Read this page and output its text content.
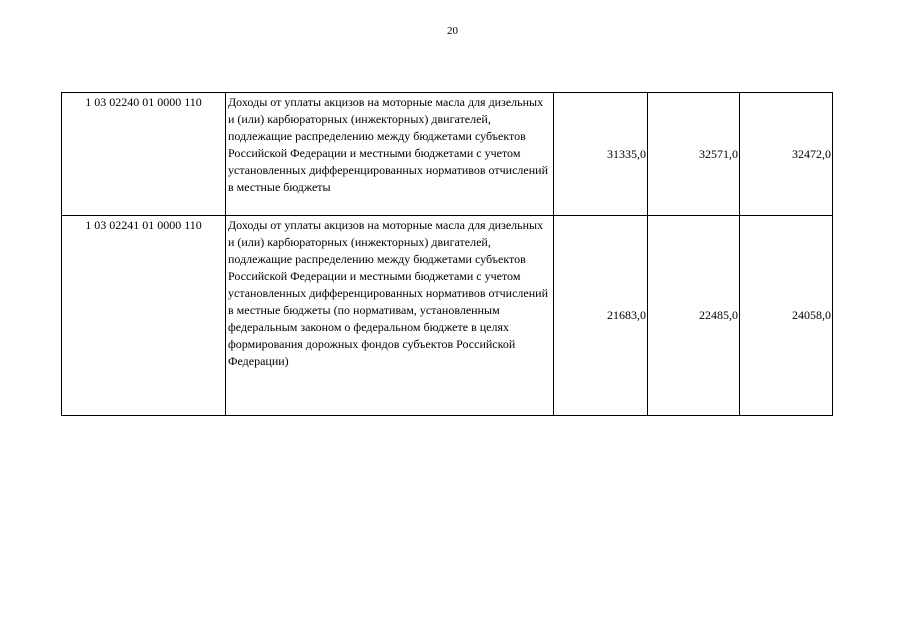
20
1 03 02240 01 0000 110	Доходы от уплаты акцизов на моторные масла для дизельных и (или) карбюраторных (инжекторных) двигателей, подлежащие распределению между бюджетами субъектов Российской Федерации и местными бюджетами с учетом установленных дифференцированных нормативов отчислений в местные бюджеты	31335,0	32571,0	32472,0
1 03 02241 01 0000 110	Доходы от уплаты акцизов на моторные масла для дизельных и (или) карбюраторных (инжекторных) двигателей, подлежащие распределению между бюджетами субъектов Российской Федерации и местными бюджетами с учетом установленных дифференцированных нормативов отчислений в местные бюджеты (по нормативам, установленным федеральным законом о федеральном бюджете в целях формирования дорожных фондов субъектов Российской Федерации)	21683,0	22485,0	24058,0
